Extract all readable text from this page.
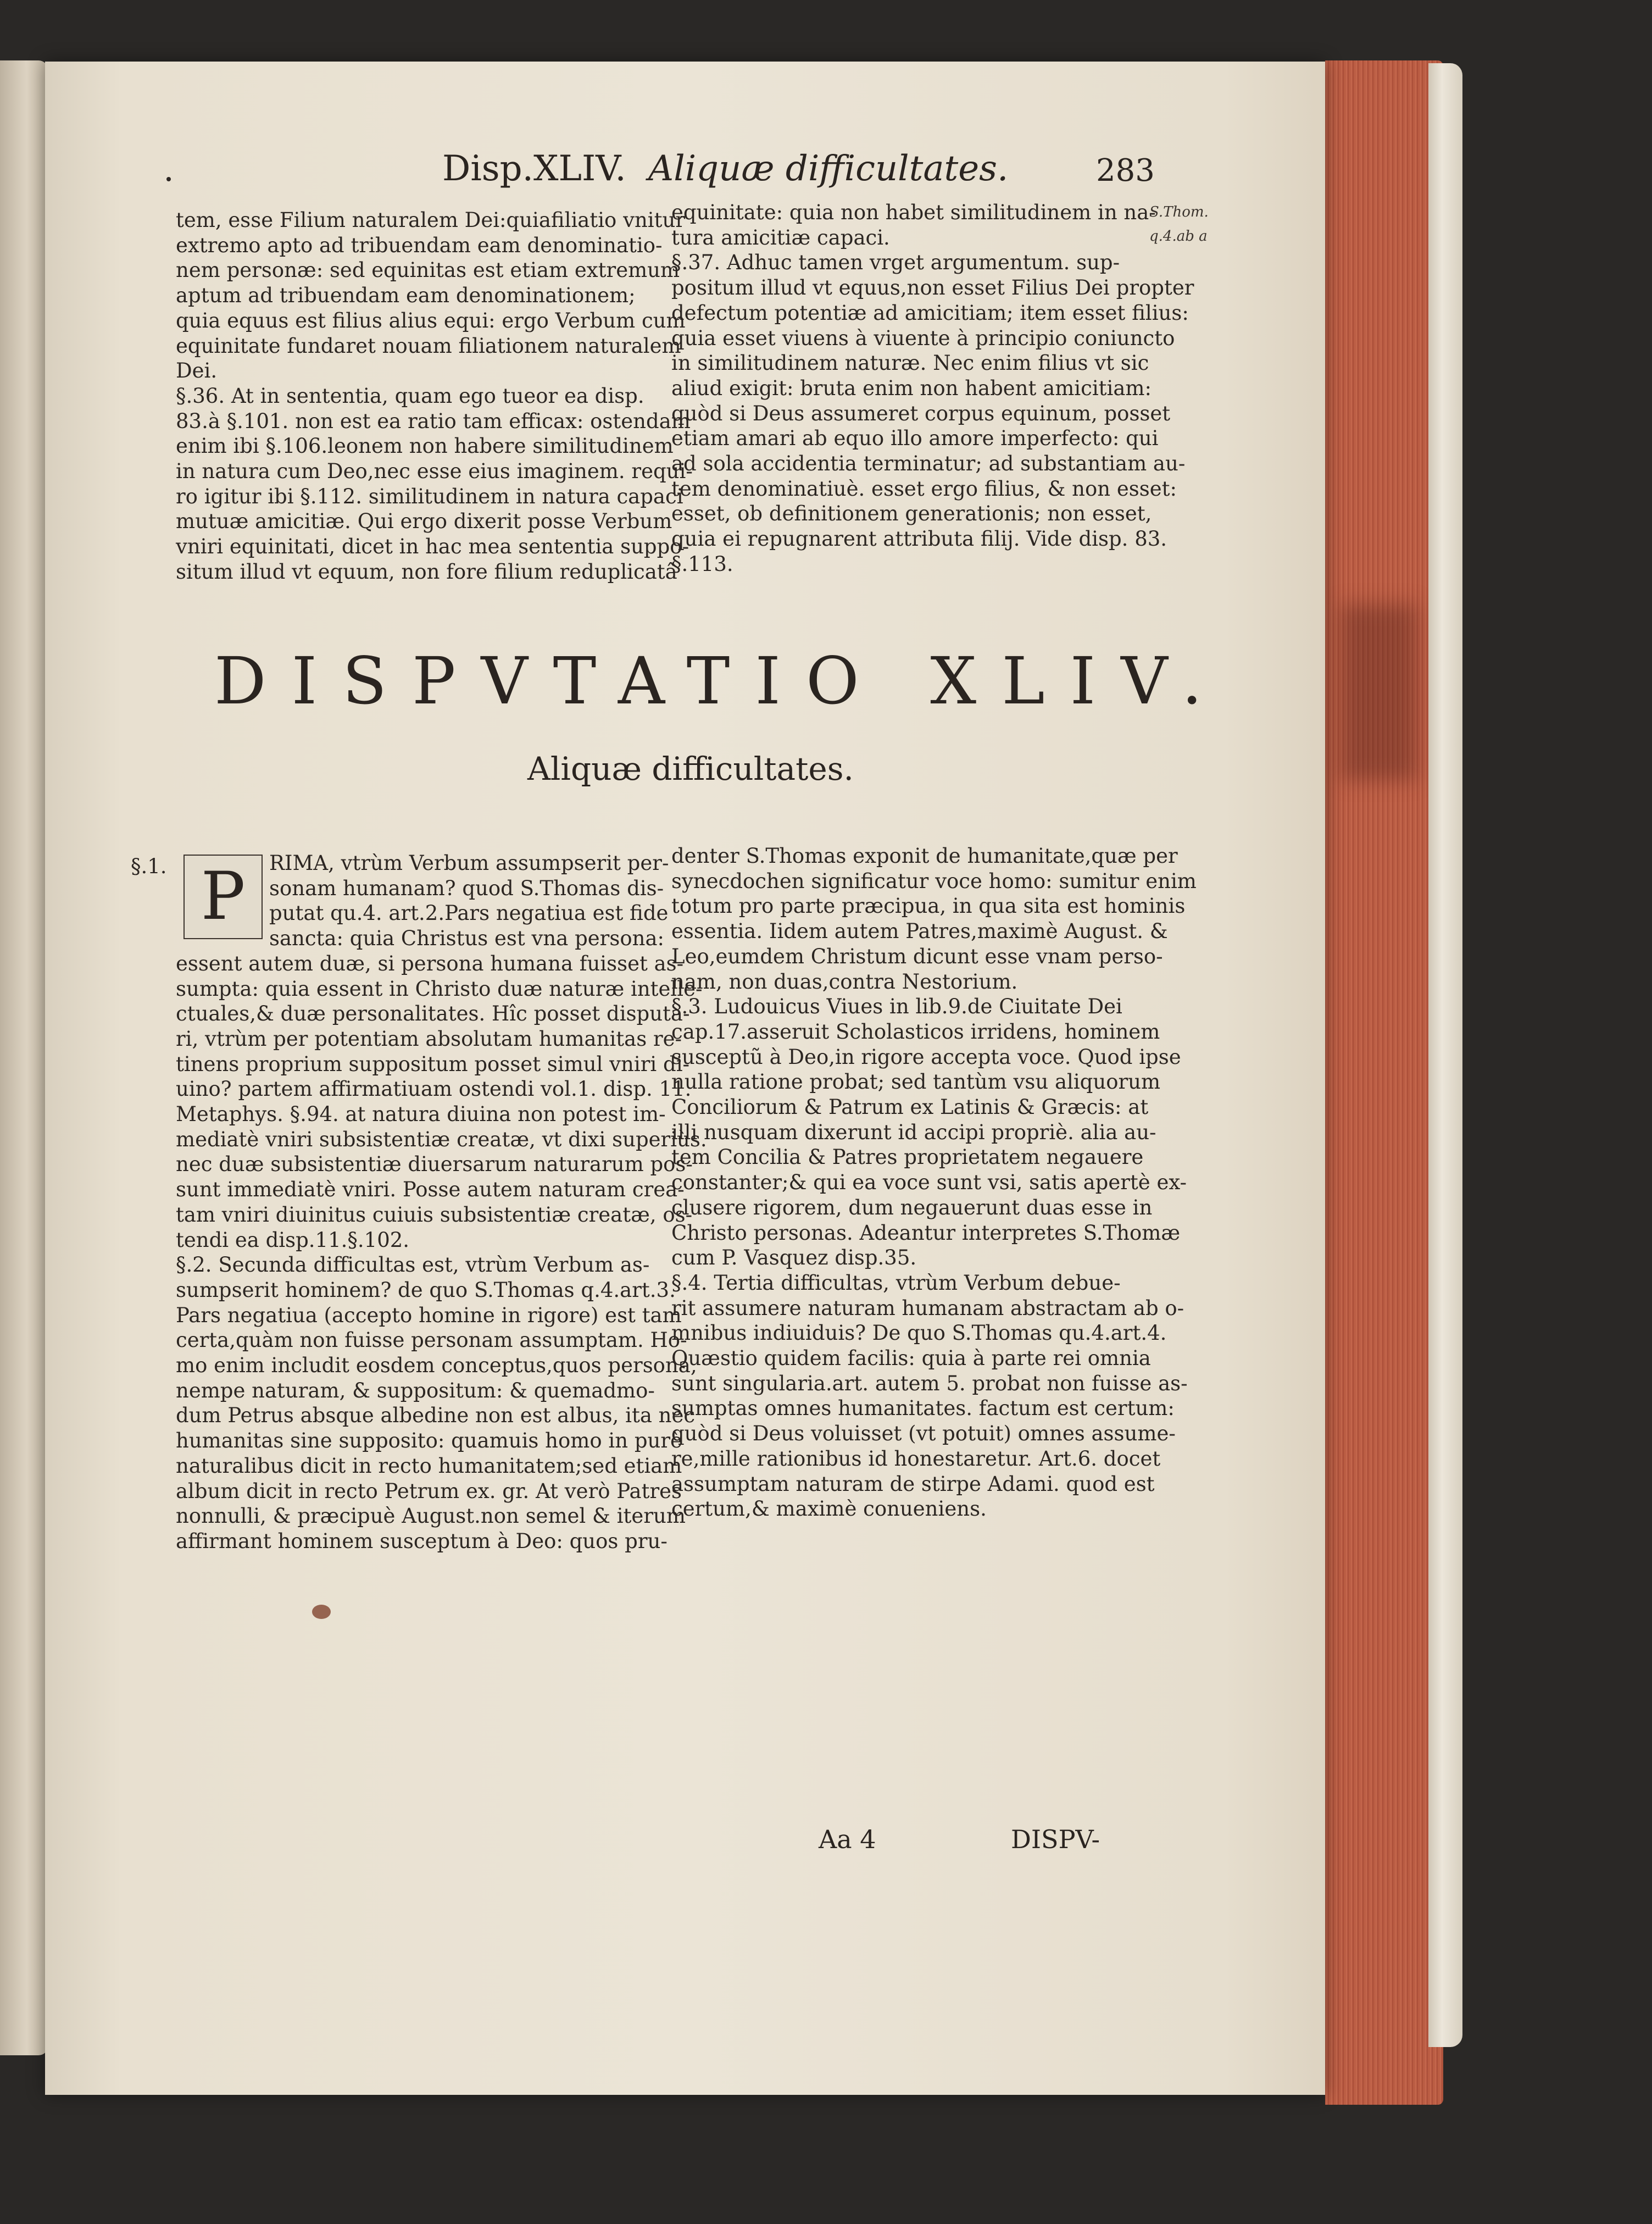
Disp.XLIV. Aliquæ difficultates.	283
S.Thom.
q.4.ab a
tem, esse Filium naturalem Dei:quiafiliatio vnitur
extremo apto ad tribuendam eam denominatio-
nem personæ: sed equinitas est etiam extremum
aptum ad tribuendam eam denominationem;
quia equus est filius alius equi: ergo Verbum cum
equinitate fundaret nouam filiationem naturalem
Dei.
§.36. At in sententia, quam ego tueor ea disp.
83.à §.101. non est ea ratio tam efficax: ostendam
enim ibi §.106.leonem non habere similitudinem
in natura cum Deo,nec esse eius imaginem. requi-
ro igitur ibi §.112. similitudinem in natura capaci
mutuæ amicitiæ. Qui ergo dixerit posse Verbum
vniri equinitati, dicet in hac mea sententia suppo-
situm illud vt equum, non fore filium reduplicatâ
equinitate: quia non habet similitudinem in na-
tura amicitiæ capaci.
§.37. Adhuc tamen vrget argumentum. sup-
positum illud vt equus,non esset Filius Dei propter
defectum potentiæ ad amicitiam; item esset filius:
quia esset viuens à viuente à principio coniuncto
in similitudinem naturæ. Nec enim filius vt sic
aliud exigit: bruta enim non habent amicitiam:
quòd si Deus assumeret corpus equinum, posset
etiam amari ab equo illo amore imperfecto: qui
ad sola accidentia terminatur; ad substantiam au-
tem denominatiuè. esset ergo filius, & non esset:
esset, ob definitionem generationis; non esset,
quia ei repugnarent attributa filij. Vide disp. 83.
§.113.
DISPVTATIO XLIV.
Aliquæ difficultates.
§.1. P	RIMA, vtrùm Verbum assumpserit per-
sonam humanam? quod S.Thomas dis-
putat qu.4. art.2.Pars negatiua est fide
sancta: quia Christus est vna persona:
essent autem duæ, si persona humana fuisset as-
sumpta: quia essent in Christo duæ naturæ intelle-
ctuales,& duæ personalitates. Hîc posset disputa-
ri, vtrùm per potentiam absolutam humanitas re-
tinens proprium suppositum posset simul vniri di-
uino? partem affirmatiuam ostendi vol.1. disp. 11.
Metaphys. §.94. at natura diuina non potest im-
mediatè vniri subsistentiæ creatæ, vt dixi superiùs.
nec duæ subsistentiæ diuersarum naturarum pos-
sunt immediatè vniri. Posse autem naturam crea-
tam vniri diuinitus cuiuis subsistentiæ creatæ, os-
tendi ea disp.11.§.102.
§.2. Secunda difficultas est, vtrùm Verbum as-
sumpserit hominem? de quo S.Thomas q.4.art.3.
Pars negatiua (accepto homine in rigore) est tam
certa,quàm non fuisse personam assumptam. Ho-
mo enim includit eosdem conceptus,quos persona,
nempe naturam, & suppositum: & quemadmo-
dum Petrus absque albedine non est albus, ita nec
humanitas sine supposito: quamuis homo in purè
naturalibus dicit in recto humanitatem;sed etiam
album dicit in recto Petrum ex. gr. At verò Patres
nonnulli, & præcipuè August.non semel & iterum
affirmant hominem susceptum à Deo: quos pru-
denter S.Thomas exponit de humanitate,quæ per
synecdochen significatur voce homo: sumitur enim
totum pro parte præcipua, in qua sita est hominis
essentia. Iidem autem Patres,maximè August. &
Leo,eumdem Christum dicunt esse vnam perso-
nam, non duas,contra Nestorium.
§.3. Ludouicus Viues in lib.9.de Ciuitate Dei
cap.17.asseruit Scholasticos irridens, hominem
susceptũ à Deo,in rigore accepta voce. Quod ipse
nulla ratione probat; sed tantùm vsu aliquorum
Conciliorum & Patrum ex Latinis & Græcis: at
illi nusquam dixerunt id accipi propriè. alia au-
tem Concilia & Patres proprietatem negauere
constanter;& qui ea voce sunt vsi, satis apertè ex-
clusere rigorem, dum negauerunt duas esse in
Christo personas. Adeantur interpretes S.Thomæ
cum P. Vasquez disp.35.
§.4. Tertia difficultas, vtrùm Verbum debue-
rit assumere naturam humanam abstractam ab o-
mnibus indiuiduis? De quo S.Thomas qu.4.art.4.
Quæstio quidem facilis: quia à parte rei omnia
sunt singularia.art. autem 5. probat non fuisse as-
sumptas omnes humanitates. factum est certum:
quòd si Deus voluisset (vt potuit) omnes assume-
re,mille rationibus id honestaretur. Art.6. docet
assumptam naturam de stirpe Adami. quod est
certum,& maximè conueniens.
Aa 4	DISPV-
